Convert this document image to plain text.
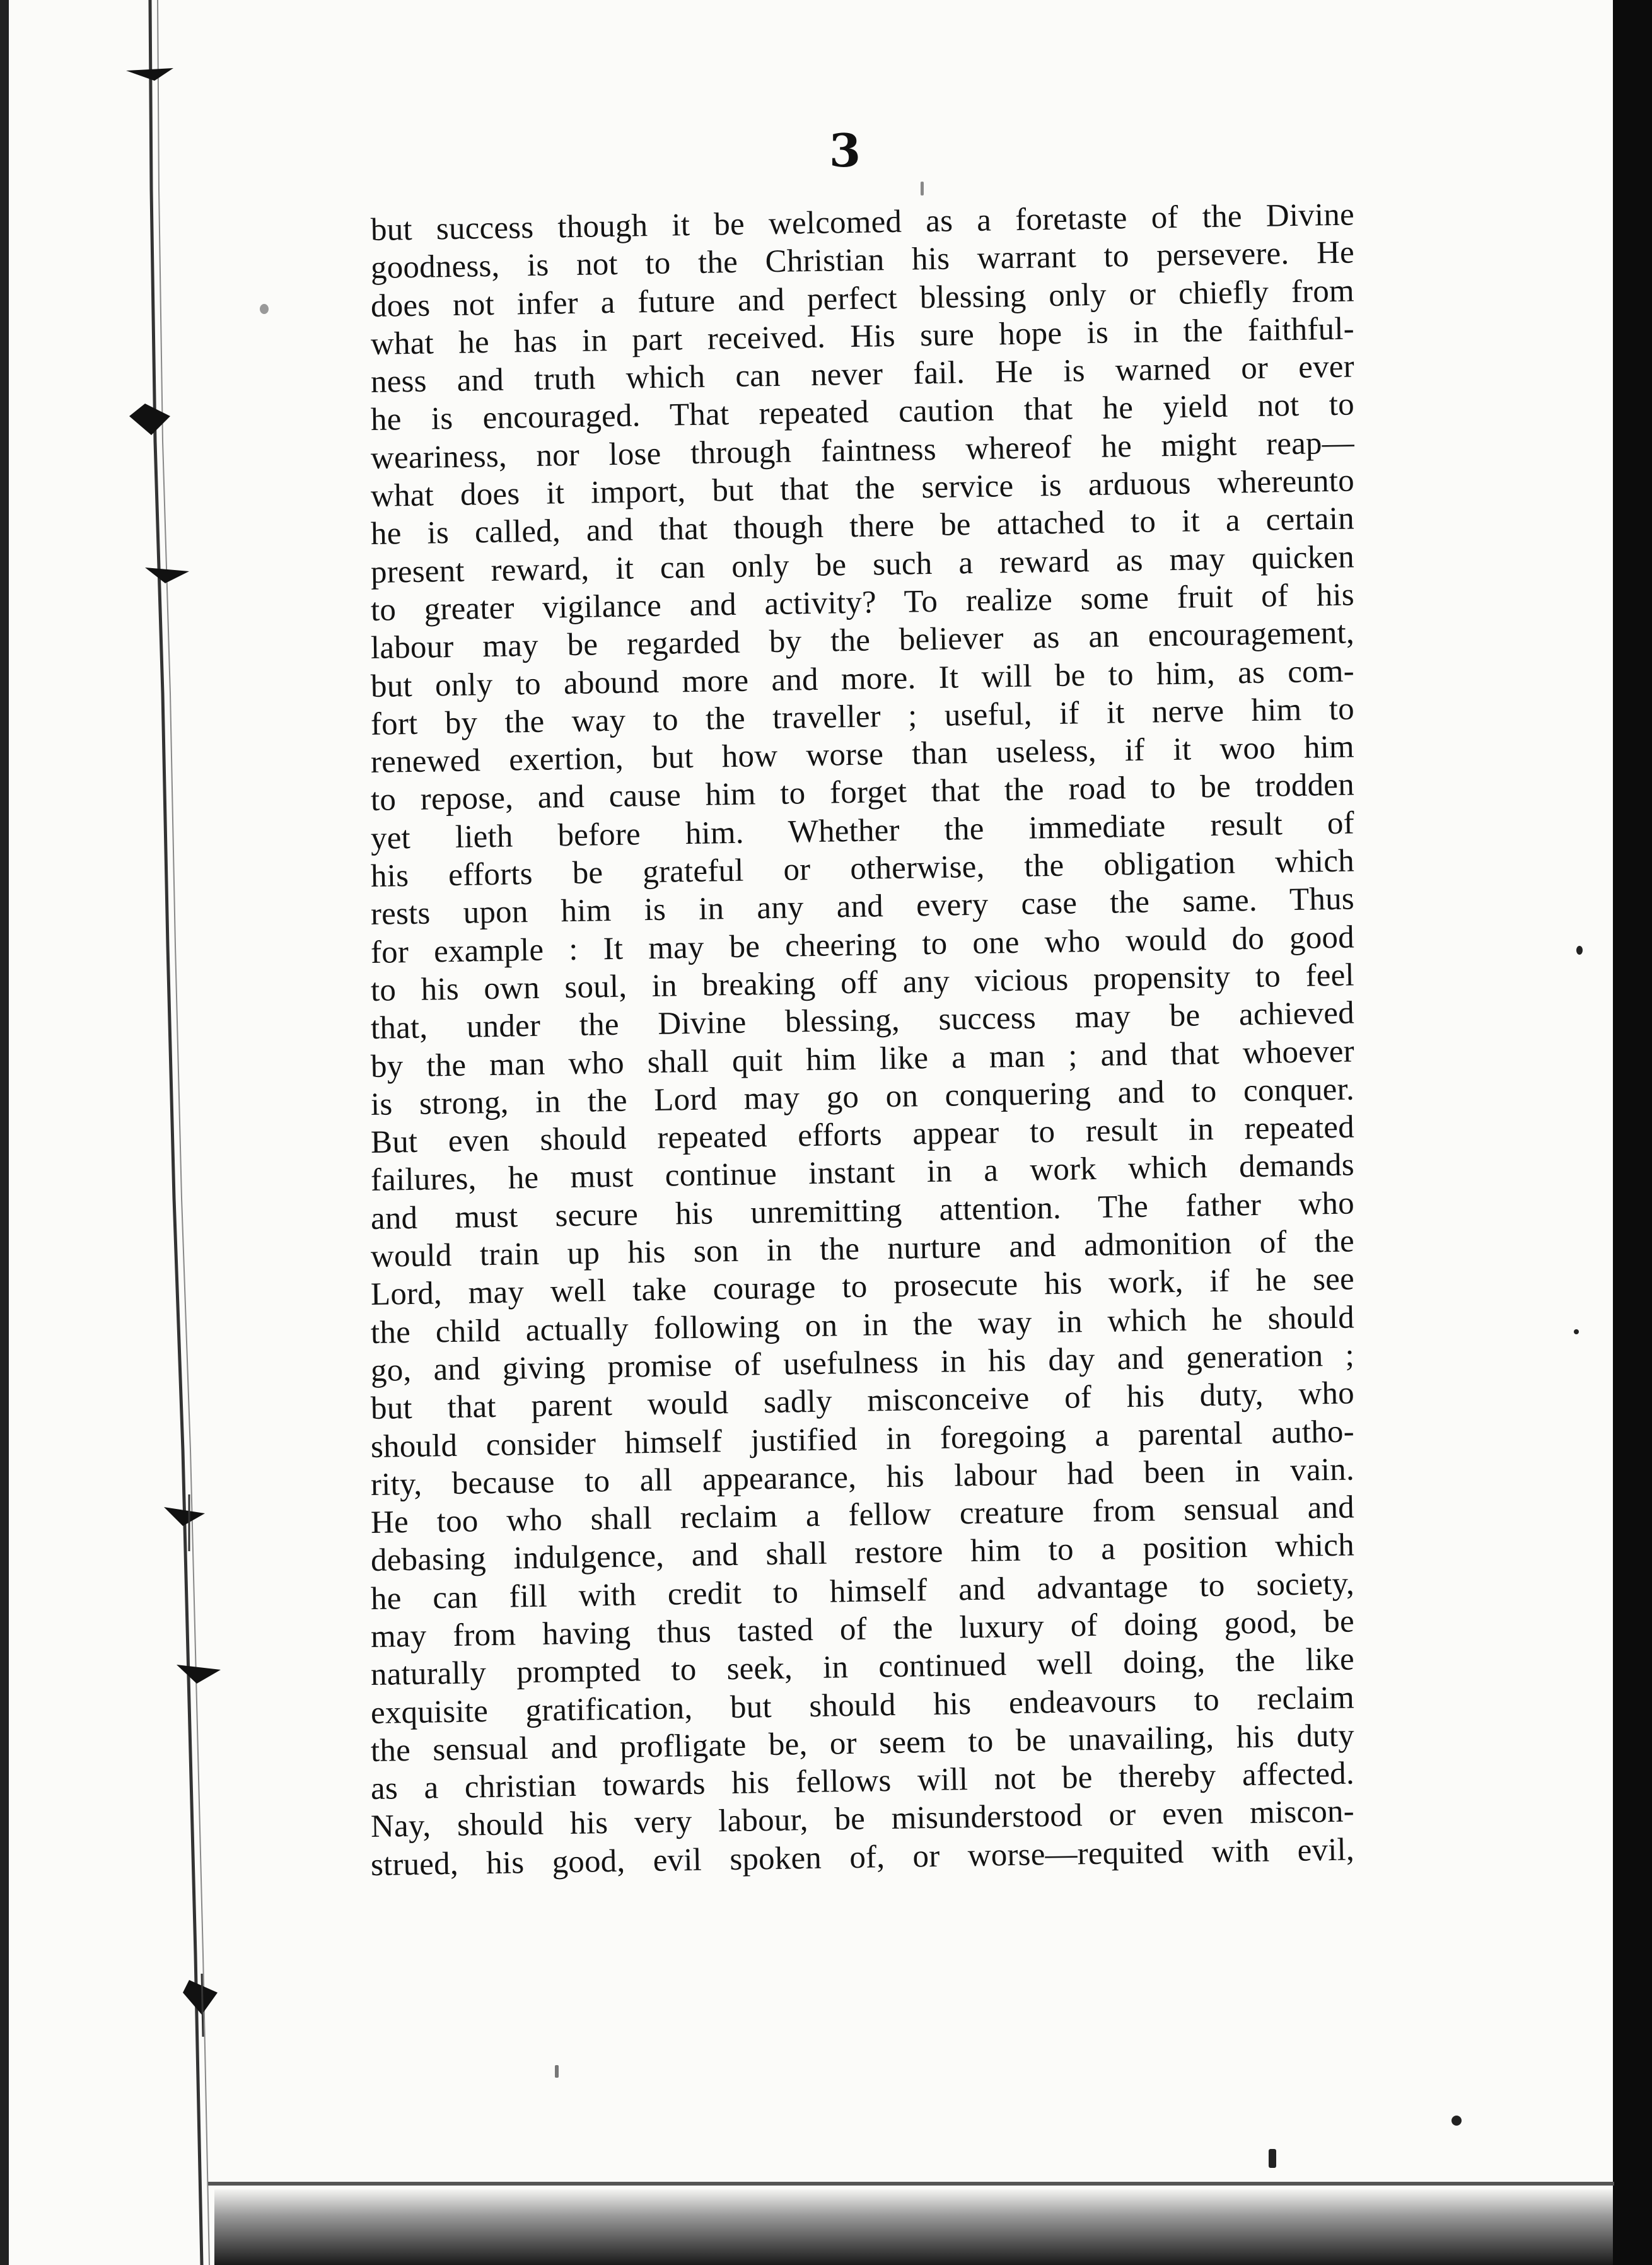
3
but success though it be welcomed as a foretaste of the Divine
goodness, is not to the Christian his warrant to persevere. He
does not infer a future and perfect blessing only or chiefly from
what he has in part received. His sure hope is in the faithful-
ness and truth which can never fail. He is warned or ever
he is encouraged. That repeated caution that he yield not to
weariness, nor lose through faintness whereof he might reap—
what does it import, but that the service is arduous whereunto
he is called, and that though there be attached to it a certain
present reward, it can only be such a reward as may quicken
to greater vigilance and activity? To realize some fruit of his
labour may be regarded by the believer as an encouragement,
but only to abound more and more. It will be to him, as com-
fort by the way to the traveller ; useful, if it nerve him to
renewed exertion, but how worse than useless, if it woo him
to repose, and cause him to forget that the road to be trodden
yet lieth before him. Whether the immediate result of
his efforts be grateful or otherwise, the obligation which
rests upon him is in any and every case the same. Thus
for example : It may be cheering to one who would do good
to his own soul, in breaking off any vicious propensity to feel
that, under the Divine blessing, success may be achieved
by the man who shall quit him like a man ; and that whoever
is strong, in the Lord may go on conquering and to conquer.
But even should repeated efforts appear to result in repeated
failures, he must continue instant in a work which demands
and must secure his unremitting attention. The father who
would train up his son in the nurture and admonition of the
Lord, may well take courage to prosecute his work, if he see
the child actually following on in the way in which he should
go, and giving promise of usefulness in his day and generation ;
but that parent would sadly misconceive of his duty, who
should consider himself justified in foregoing a parental autho-
rity, because to all appearance, his labour had been in vain.
He too who shall reclaim a fellow creature from sensual and
debasing indulgence, and shall restore him to a position which
he can fill with credit to himself and advantage to society,
may from having thus tasted of the luxury of doing good, be
naturally prompted to seek, in continued well doing, the like
exquisite gratification, but should his endeavours to reclaim
the sensual and profligate be, or seem to be unavailing, his duty
as a christian towards his fellows will not be thereby affected.
Nay, should his very labour, be misunderstood or even miscon-
strued, his good, evil spoken of, or worse—requited with evil,
